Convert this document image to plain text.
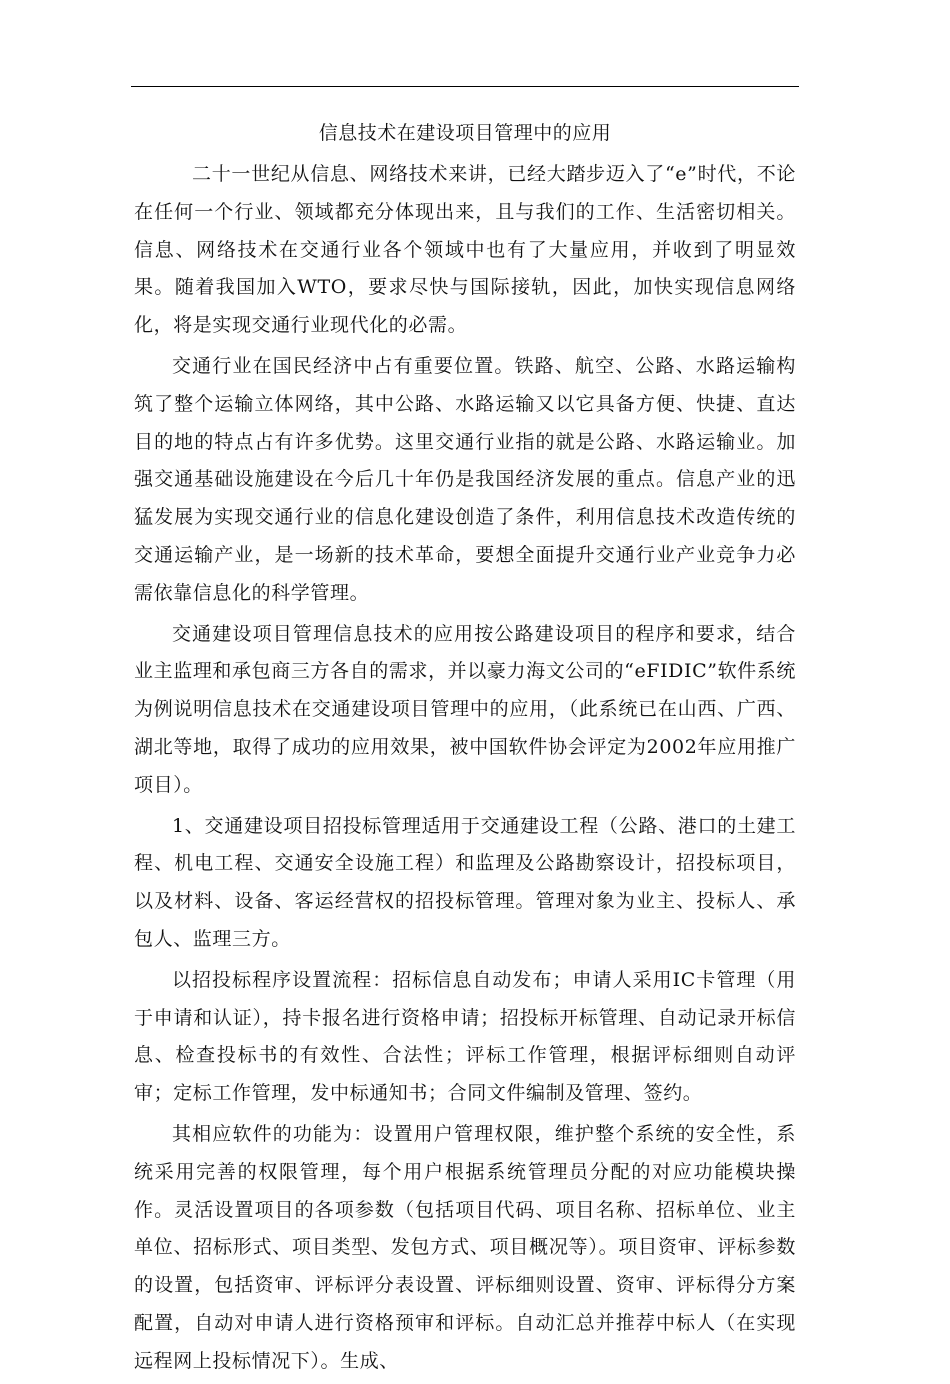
信息技术在建设项目管理中的应用

二十一世纪从信息、网络技术来讲，已经大踏步迈入了“e”时代，不论在任何一个行业、领域都充分体现出来，且与我们的工作、生活密切相关。信息、网络技术在交通行业各个领域中也有了大量应用，并收到了明显效果。随着我国加入WTO，要求尽快与国际接轨，因此，加快实现信息网络化，将是实现交通行业现代化的必需。

交通行业在国民经济中占有重要位置。铁路、航空、公路、水路运输构筑了整个运输立体网络，其中公路、水路运输又以它具备方便、快捷、直达目的地的特点占有许多优势。这里交通行业指的就是公路、水路运输业。加强交通基础设施建设在今后几十年仍是我国经济发展的重点。信息产业的迅猛发展为实现交通行业的信息化建设创造了条件，利用信息技术改造传统的交通运输产业，是一场新的技术革命，要想全面提升交通行业产业竞争力必需依靠信息化的科学管理。

交通建设项目管理信息技术的应用按公路建设项目的程序和要求，结合业主监理和承包商三方各自的需求，并以豪力海文公司的“eFIDIC”软件系统为例说明信息技术在交通建设项目管理中的应用，（此系统已在山西、广西、湖北等地，取得了成功的应用效果，被中国软件协会评定为2002年应用推广项目）。

1、交通建设项目招投标管理适用于交通建设工程（公路、港口的土建工程、机电工程、交通安全设施工程）和监理及公路勘察设计，招投标项目，以及材料、设备、客运经营权的招投标管理。管理对象为业主、投标人、承包人、监理三方。

以招投标程序设置流程：招标信息自动发布；申请人采用IC卡管理（用于申请和认证），持卡报名进行资格申请；招投标开标管理、自动记录开标信息、检查投标书的有效性、合法性；评标工作管理，根据评标细则自动评审；定标工作管理，发中标通知书；合同文件编制及管理、签约。

其相应软件的功能为：设置用户管理权限，维护整个系统的安全性，系统采用完善的权限管理，每个用户根据系统管理员分配的对应功能模块操作。灵活设置项目的各项参数（包括项目代码、项目名称、招标单位、业主单位、招标形式、项目类型、发包方式、项目概况等）。项目资审、评标参数的设置，包括资审、评标评分表设置、评标细则设置、资审、评标得分方案配置，自动对申请人进行资格预审和评标。自动汇总并推荐中标人（在实现远程网上投标情况下）。生成、
